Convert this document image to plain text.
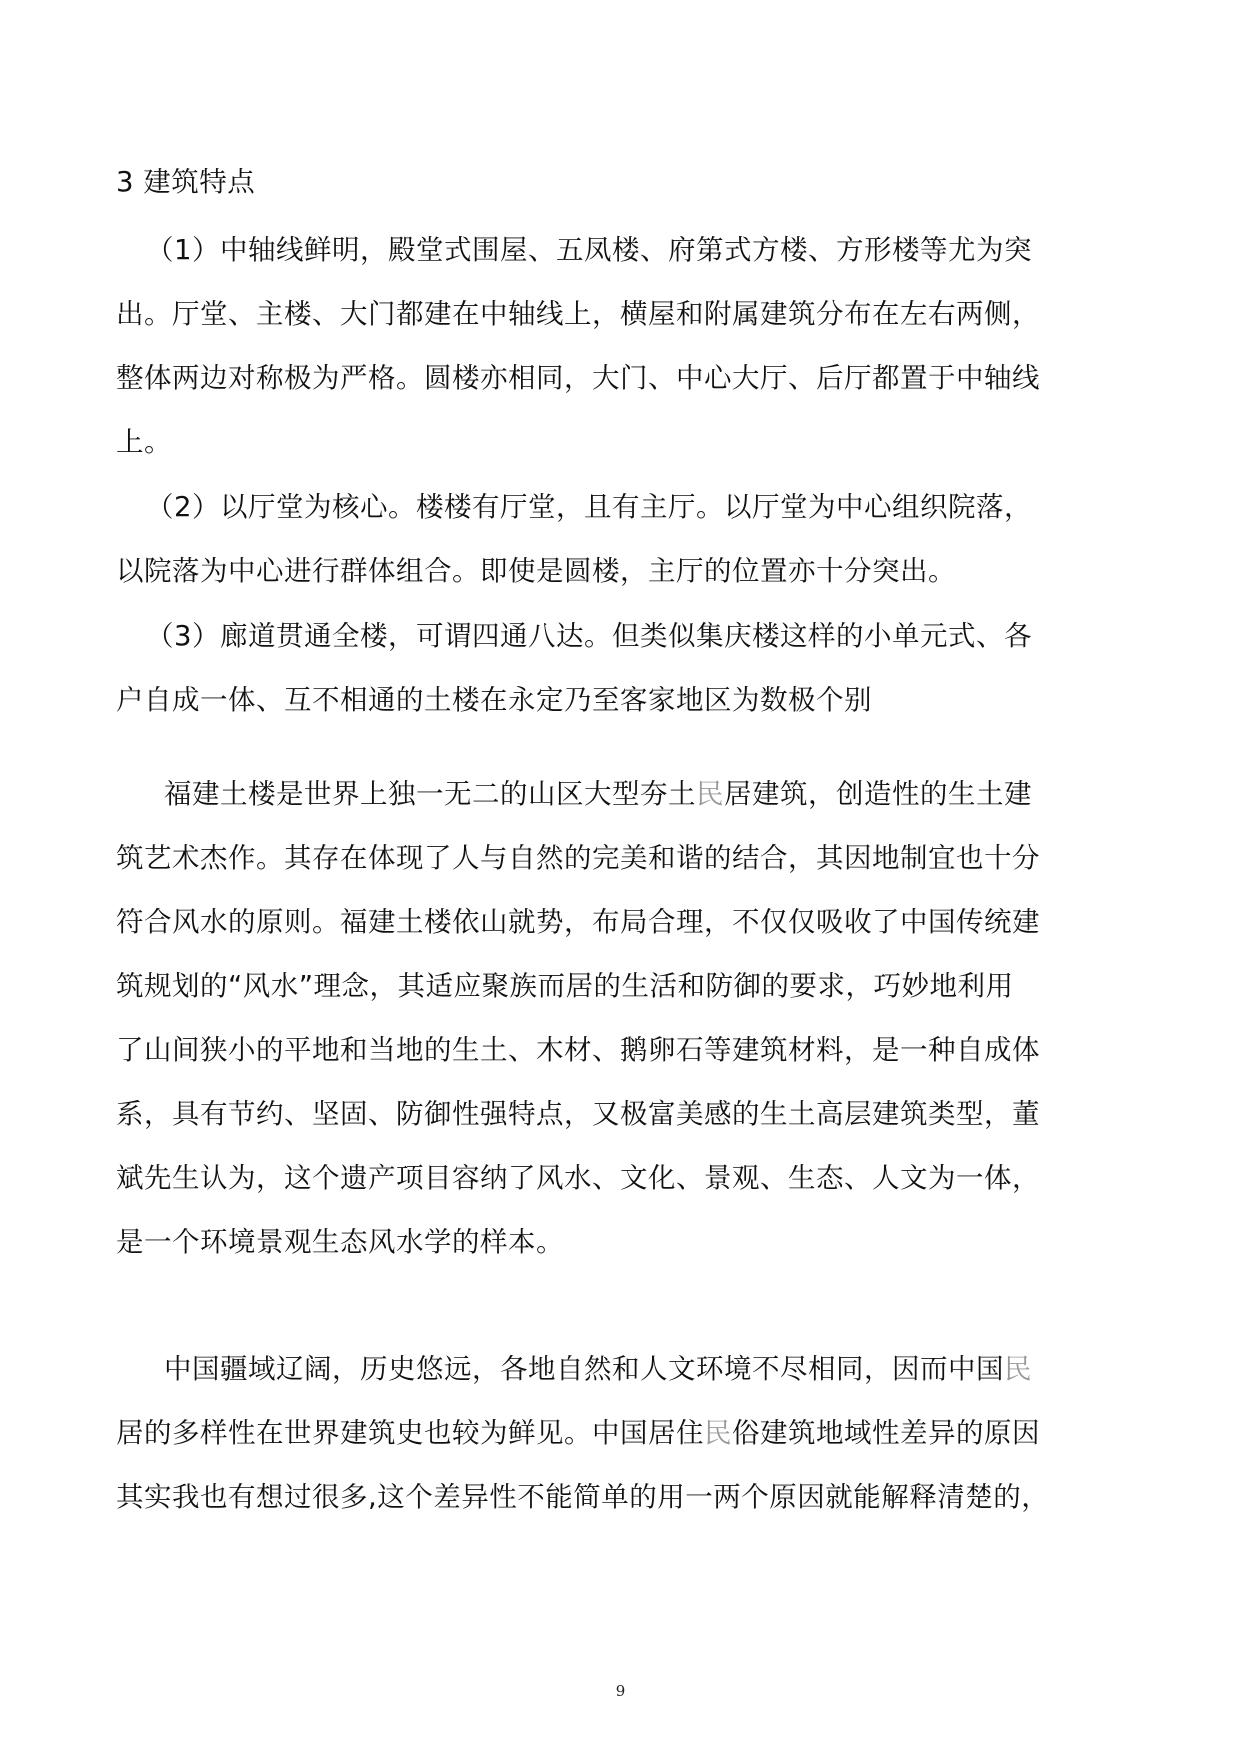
3 建筑特点
（1）中轴线鲜明，殿堂式围屋、五凤楼、府第式方楼、方形楼等尤为突
出。厅堂、主楼、大门都建在中轴线上，横屋和附属建筑分布在左右两侧，
整体两边对称极为严格。圆楼亦相同，大门、中心大厅、后厅都置于中轴线
上。
（2）以厅堂为核心。楼楼有厅堂，且有主厅。以厅堂为中心组织院落，
以院落为中心进行群体组合。即使是圆楼，主厅的位置亦十分突出。
（3）廊道贯通全楼，可谓四通八达。但类似集庆楼这样的小单元式、各
户自成一体、互不相通的土楼在永定乃至客家地区为数极个别
福建土楼是世界上独一无二的山区大型夯土民居建筑，创造性的生土建
筑艺术杰作。其存在体现了人与自然的完美和谐的结合，其因地制宜也十分
符合风水的原则。福建土楼依山就势，布局合理，不仅仅吸收了中国传统建
筑规划的“风水”理念，其适应聚族而居的生活和防御的要求，巧妙地利用
了山间狭小的平地和当地的生土、木材、鹅卵石等建筑材料，是一种自成体
系，具有节约、坚固、防御性强特点，又极富美感的生土高层建筑类型，董
斌先生认为，这个遗产项目容纳了风水、文化、景观、生态、人文为一体，
是一个环境景观生态风水学的样本。
中国疆域辽阔，历史悠远，各地自然和人文环境不尽相同，因而中国民
居的多样性在世界建筑史也较为鲜见。中国居住民俗建筑地域性差异的原因
其实我也有想过很多,这个差异性不能简单的用一两个原因就能解释清楚的，
9
